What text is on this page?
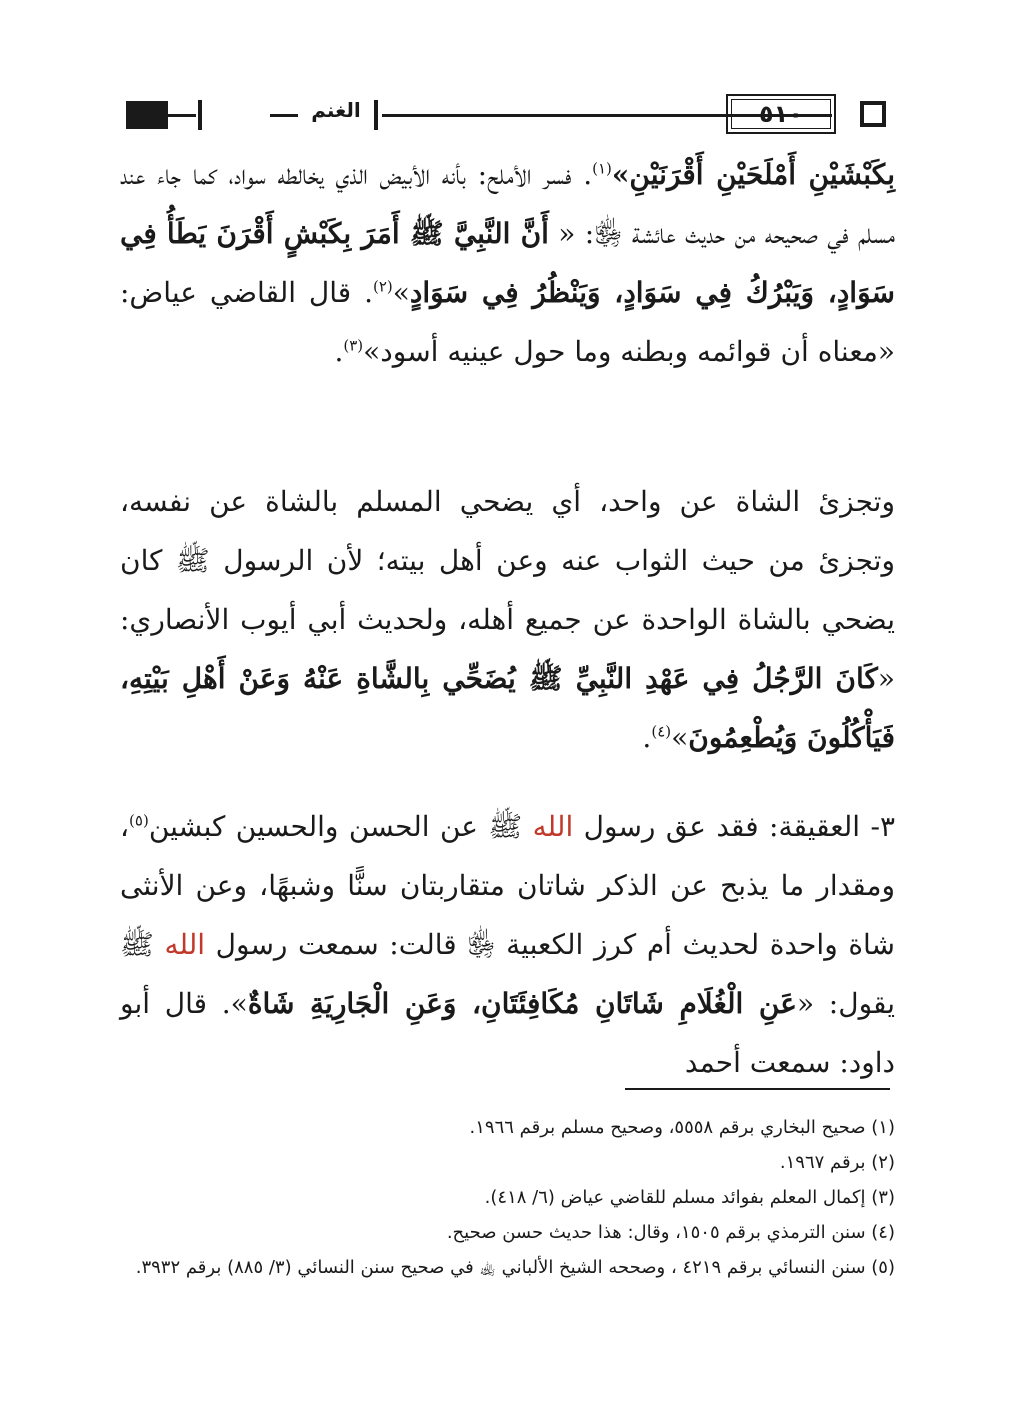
الغنم	٥١٠
بِكَبْشَيْنِ أَمْلَحَيْنِ أَقْرَنَيْنِ»$^{(١)}$. فسر الأملح: بأنه الأبيض الذي يخالطه سواد، كما جاء عند مسلم في صحيحه من حديث عائشة ﵂: « أَنَّ النَّبِيَّ ﷺ أَمَرَ بِكَبْشٍ أَقْرَنَ يَطَأُ فِي سَوَادٍ، وَيَبْرُكُ فِي سَوَادٍ، وَيَنْظُرُ فِي سَوَادٍ»$^{(٢)}$. قال القاضي عياض: «معناه أن قوائمه وبطنه وما حول عينيه أسود»$^{(٣)}$.
وتجزئ الشاة عن واحد، أي يضحي المسلم بالشاة عن نفسه، وتجزئ من حيث الثواب عنه وعن أهل بيته؛ لأن الرسول ﷺ كان يضحي بالشاة الواحدة عن جميع أهله، ولحديث أبي أيوب الأنصاري: «كَانَ الرَّجُلُ فِي عَهْدِ النَّبِيِّ ﷺ يُضَحِّي بِالشَّاةِ عَنْهُ وَعَنْ أَهْلِ بَيْتِهِ، فَيَأْكُلُونَ وَيُطْعِمُونَ»$^{(٤)}$.
٣- العقيقة: فقد عق رسول الله ﷺ عن الحسن والحسين كبشين$^{(٥)}$، ومقدار ما يذبح عن الذكر شاتان متقاربتان سنًّا وشبهًا، وعن الأنثى شاة واحدة لحديث أم كرز الكعبية ﵂ قالت: سمعت رسول الله ﷺ يقول: «عَنِ الْغُلَامِ شَاتَانِ مُكَافِئَتَانِ، وَعَنِ الْجَارِيَةِ شَاةٌ». قال أبو داود: سمعت أحمد

(١) صحيح البخاري برقم ٥٥٥٨، وصحيح مسلم برقم ١٩٦٦.

(٢) برقم ١٩٦٧.

(٣) إكمال المعلم بفوائد مسلم للقاضي عياض (٦/ ٤١٨).

(٤) سنن الترمذي برقم ١٥٠٥، وقال: هذا حديث حسن صحيح.

(٥) سنن النسائي برقم ٤٢١٩ ، وصححه الشيخ الألباني ﵀ في صحيح سنن النسائي (٣/ ٨٨٥) برقم ٣٩٣٢.
